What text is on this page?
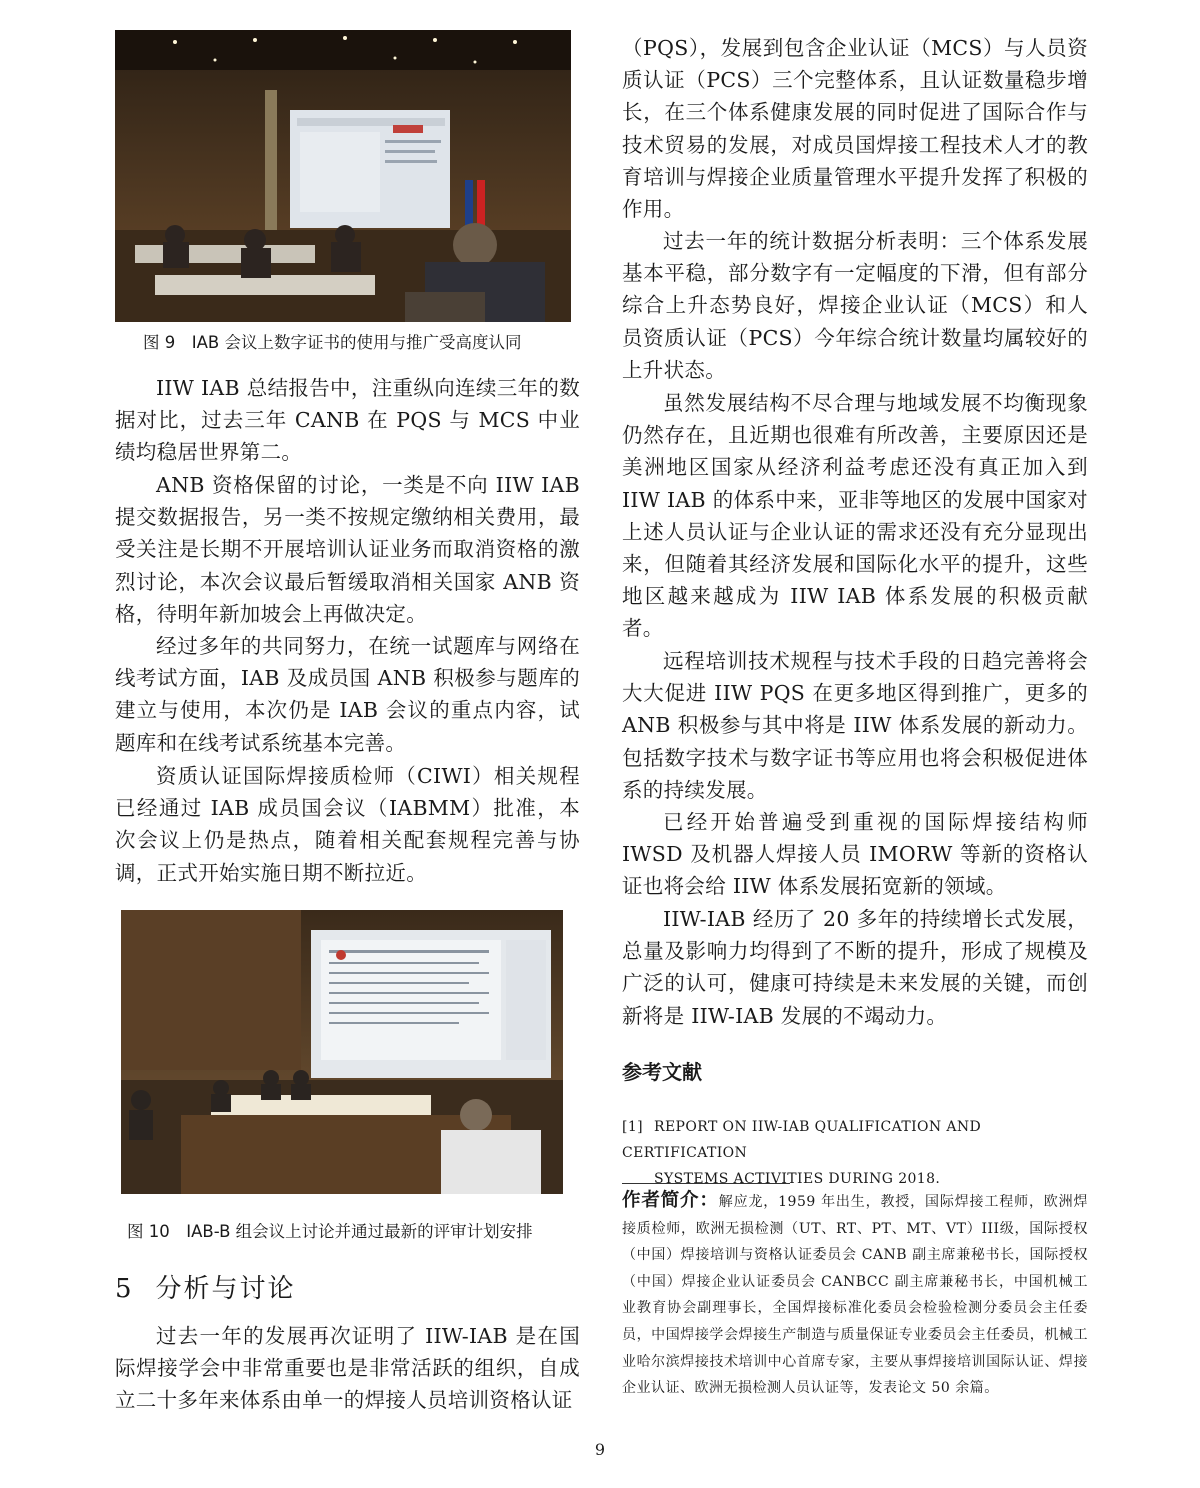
图 9　IAB 会议上数字证书的使用与推广受高度认同

IIW IAB 总结报告中，注重纵向连续三年的数据对比，过去三年 CANB 在 PQS 与 MCS 中业绩均稳居世界第二。

ANB 资格保留的讨论，一类是不向 IIW IAB 提交数据报告，另一类不按规定缴纳相关费用，最受关注是长期不开展培训认证业务而取消资格的激烈讨论，本次会议最后暂缓取消相关国家 ANB 资格，待明年新加坡会上再做决定。

经过多年的共同努力，在统一试题库与网络在线考试方面，IAB 及成员国 ANB 积极参与题库的建立与使用，本次仍是 IAB 会议的重点内容，试题库和在线考试系统基本完善。

资质认证国际焊接质检师（CIWI）相关规程已经通过 IAB 成员国会议（IABMM）批准，本次会议上仍是热点，随着相关配套规程完善与协调，正式开始实施日期不断拉近。

图 10　IAB-B 组会议上讨论并通过最新的评审计划安排
5 分析与讨论

过去一年的发展再次证明了 IIW-IAB 是在国际焊接学会中非常重要也是非常活跃的组织，自成立二十多年来体系由单一的焊接人员培训资格认证

（PQS），发展到包含企业认证（MCS）与人员资质认证（PCS）三个完整体系，且认证数量稳步增长，在三个体系健康发展的同时促进了国际合作与技术贸易的发展，对成员国焊接工程技术人才的教育培训与焊接企业质量管理水平提升发挥了积极的作用。

过去一年的统计数据分析表明：三个体系发展基本平稳，部分数字有一定幅度的下滑，但有部分综合上升态势良好，焊接企业认证（MCS）和人员资质认证（PCS）今年综合统计数量均属较好的上升状态。

虽然发展结构不尽合理与地域发展不均衡现象仍然存在，且近期也很难有所改善，主要原因还是美洲地区国家从经济利益考虑还没有真正加入到 IIW IAB 的体系中来，亚非等地区的发展中国家对上述人员认证与企业认证的需求还没有充分显现出来，但随着其经济发展和国际化水平的提升，这些地区越来越成为 IIW IAB 体系发展的积极贡献者。

远程培训技术规程与技术手段的日趋完善将会大大促进 IIW PQS 在更多地区得到推广，更多的 ANB 积极参与其中将是 IIW 体系发展的新动力。包括数字技术与数字证书等应用也将会积极促进体系的持续发展。

已经开始普遍受到重视的国际焊接结构师 IWSD 及机器人焊接人员 IMORW 等新的资格认证也将会给 IIW 体系发展拓宽新的领域。

IIW-IAB 经历了 20 多年的持续增长式发展，总量及影响力均得到了不断的提升，形成了规模及广泛的认可，健康可持续是未来发展的关键，而创新将是 IIW-IAB 发展的不竭动力。

参考文献
[1] REPORT ON IIW-IAB QUALIFICATION AND CERTIFICATION
SYSTEMS ACTIVITIES DURING 2018.
作者简介：解应龙，1959 年出生，教授，国际焊接工程师，欧洲焊接质检师，欧洲无损检测（UT、RT、PT、MT、VT）III级，国际授权（中国）焊接培训与资格认证委员会 CANB 副主席兼秘书长，国际授权（中国）焊接企业认证委员会 CANBCC 副主席兼秘书长，中国机械工业教育协会副理事长，全国焊接标准化委员会检验检测分委员会主任委员，中国焊接学会焊接生产制造与质量保证专业委员会主任委员，机械工业哈尔滨焊接技术培训中心首席专家，主要从事焊接培训国际认证、焊接企业认证、欧洲无损检测人员认证等，发表论文 50 余篇。
9
